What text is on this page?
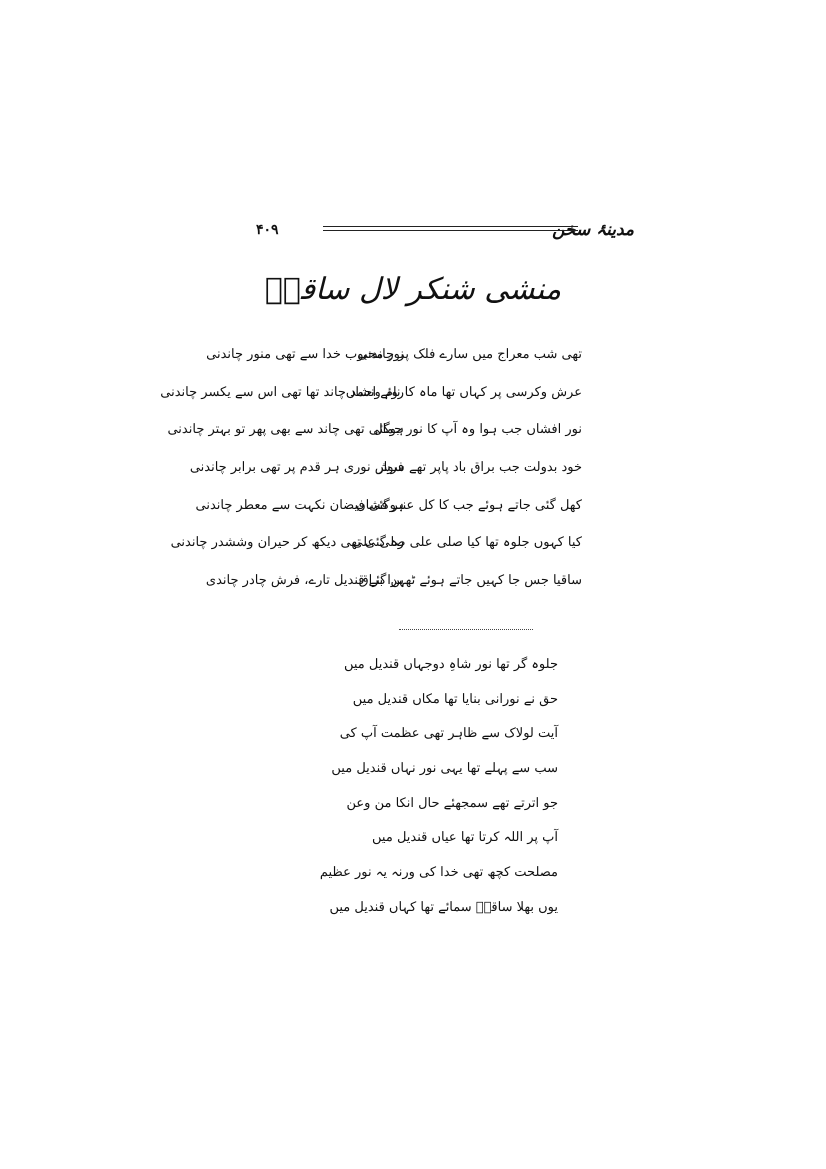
مدینۂ سخن
۴۰۹
منشی شنکر لال ساقیؔ
تھی شب معراج میں سارے فلک پر چاندنی
نور محبوب خدا سے تھی منور چاندنی
عرش وکرسی پر کہاں تھا ماہ کا نام ونشاں
روئے احمد چاند تھا تھی اس سے یکسر چاندنی
نور افشاں جب ہوا وہ آپ کا نور جمال
ہوگئی تھی چاند سے بھی پھر تو بہتر چاندنی
خود بدولت جب براق باد پاپر تھے سوار
فرش نوری ہر قدم پر تھی برابر چاندنی
کھل گئی جاتے ہوئے جب کا کل عنبر فشاں
ہوگئی فیضان نکہت سے معطر چاندنی
کیا کہوں جلوہ تھا کیا صلی علی صلی علی
رہ گئی تھی دیکھ کر حیران وششدر چاندنی
ساقیا جس جا کہیں جاتے ہوئے ٹھہرا براق
بن گئے قندیل تارے، فرش چادر چاندی
جلوہ گر تھا نور شاہِ دوجہاں قندیل میں
حق نے نورانی بنایا تھا مکاں قندیل میں
آیت لولاک سے ظاہر تھی عظمت آپ کی
سب سے پہلے تھا یہی نور نہاں قندیل میں
جو اترتے تھے سمجھئے حال انکا من وعن
آپ پر اللہ کرتا تھا عیاں قندیل میں
مصلحت کچھ تھی خدا کی ورنہ یہ نور عظیم
یوں بھلا ساقیؔ سمائے تھا کہاں قندیل میں
